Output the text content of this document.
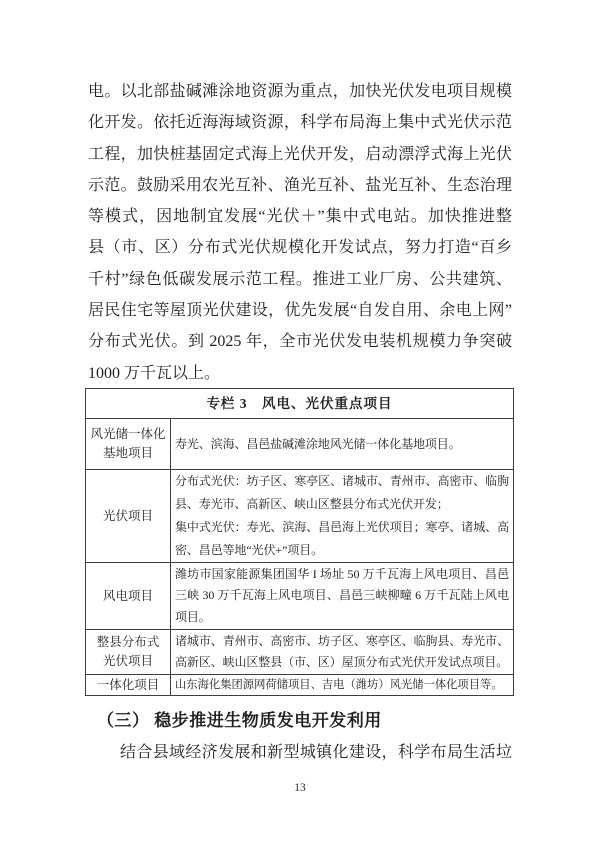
电。以北部盐碱滩涂地资源为重点，加快光伏发电项目规模
化开发。依托近海海域资源，科学布局海上集中式光伏示范
工程，加快桩基固定式海上光伏开发，启动漂浮式海上光伏
示范。鼓励采用农光互补、渔光互补、盐光互补、生态治理
等模式，因地制宜发展“光伏＋”集中式电站。加快推进整
县（市、区）分布式光伏规模化开发试点，努力打造“百乡
千村”绿色低碳发展示范工程。推进工业厂房、公共建筑、
居民住宅等屋顶光伏建设，优先发展“自发自用、余电上网”
分布式光伏。到 2025 年，全市光伏发电装机规模力争突破
1000 万千瓦以上。
专栏 3　风电、光伏重点项目
风光储一体化
基地项目

寿光、滨海、昌邑盐碱滩涂地风光储一体化基地项目。

光伏项目

分布式光伏：坊子区、寒亭区、诸城市、青州市、高密市、临朐县、寿光市、高新区、峡山区整县分布式光伏开发；

集中式光伏：寿光、滨海、昌邑海上光伏项目；寒亭、诸城、高密、昌邑等地“光伏+”项目。

风电项目

潍坊市国家能源集团国华 I 场址 50 万千瓦海上风电项目、昌邑三峡 30 万千瓦海上风电项目、昌邑三峡柳疃 6 万千瓦陆上风电项目。

整县分布式
光伏项目

诸城市、青州市、高密市、坊子区、寒亭区、临朐县、寿光市、高新区、峡山区整县（市、区）屋顶分布式光伏开发试点项目。

一体化项目 山东海化集团源网荷储项目、吉电（潍坊）风光储一体化项目等。

（三） 稳步推进生物质发电开发利用
结合县域经济发展和新型城镇化建设，科学布局生活垃
13
